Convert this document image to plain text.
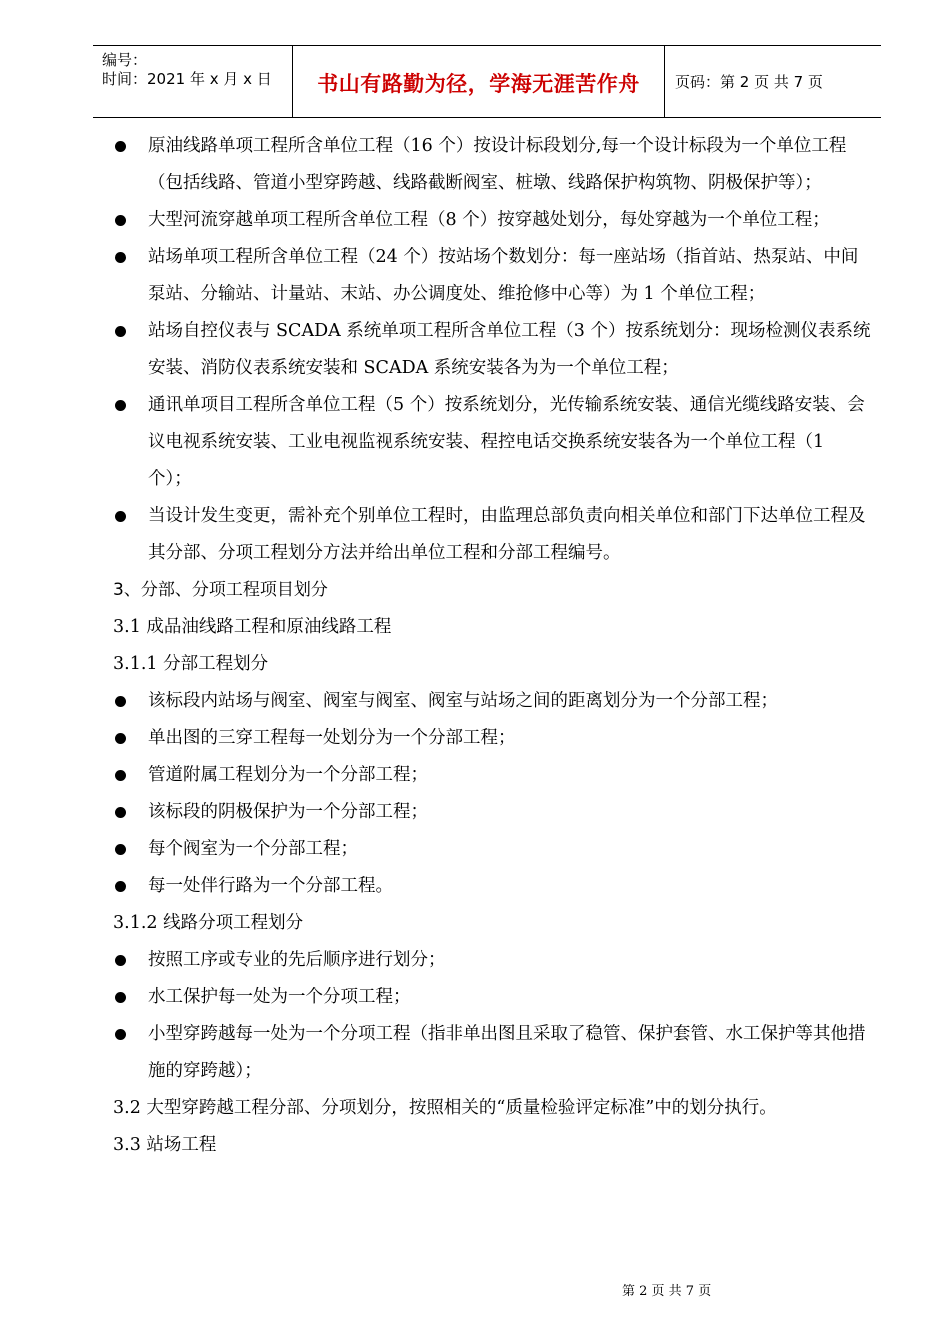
编号：
时间：2021 年 x 月 x 日	书山有路勤为径，学海无涯苦作舟	页码：第 2 页 共 7 页
原油线路单项工程所含单位工程（16 个）按设计标段划分,每一个设计标段为一个单位工程（包括线路、管道小型穿跨越、线路截断阀室、桩墩、线路保护构筑物、阴极保护等）；
大型河流穿越单项工程所含单位工程（8 个）按穿越处划分，每处穿越为一个单位工程；
站场单项工程所含单位工程（24 个）按站场个数划分：每一座站场（指首站、热泵站、中间泵站、分输站、计量站、末站、办公调度处、维抢修中心等）为 1 个单位工程；
站场自控仪表与 SCADA 系统单项工程所含单位工程（3 个）按系统划分：现场检测仪表系统安装、消防仪表系统安装和 SCADA 系统安装各为为一个单位工程；
通讯单项目工程所含单位工程（5 个）按系统划分，光传输系统安装、通信光缆线路安装、会议电视系统安装、工业电视监视系统安装、程控电话交换系统安装各为一个单位工程（1 个）；
当设计发生变更，需补充个别单位工程时，由监理总部负责向相关单位和部门下达单位工程及其分部、分项工程划分方法并给出单位工程和分部工程编号。
3、分部、分项工程项目划分
3.1 成品油线路工程和原油线路工程
3.1.1 分部工程划分
该标段内站场与阀室、阀室与阀室、阀室与站场之间的距离划分为一个分部工程；
单出图的三穿工程每一处划分为一个分部工程；
管道附属工程划分为一个分部工程；
该标段的阴极保护为一个分部工程；
每个阀室为一个分部工程；
每一处伴行路为一个分部工程。
3.1.2 线路分项工程划分
按照工序或专业的先后顺序进行划分；
水工保护每一处为一个分项工程；
小型穿跨越每一处为一个分项工程（指非单出图且采取了稳管、保护套管、水工保护等其他措施的穿跨越）；
3.2 大型穿跨越工程分部、分项划分，按照相关的“质量检验评定标准”中的划分执行。
3.3 站场工程
第 2 页 共 7 页
